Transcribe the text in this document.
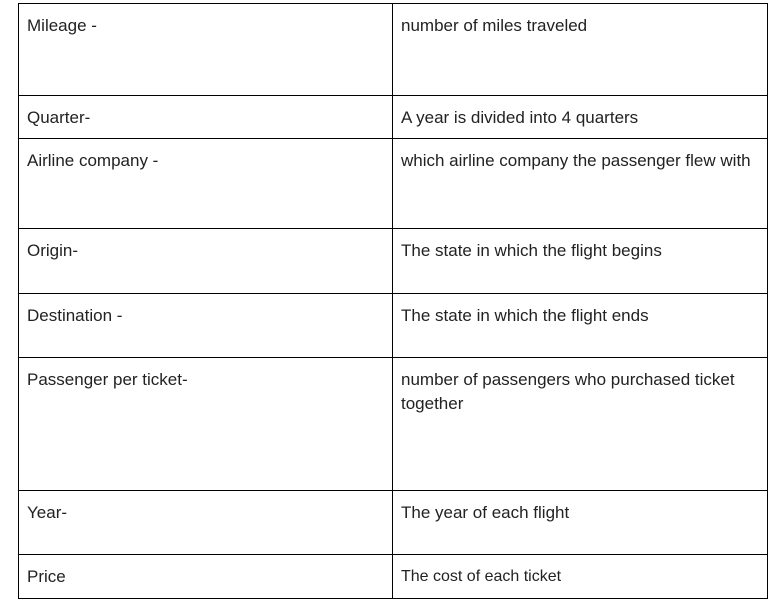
Mileage -	number of miles traveled
Quarter-	A year is divided into 4 quarters
Airline company -	which airline company the passenger flew with
Origin-	The state in which the flight begins
Destination -	The state in which the flight ends
Passenger per ticket-	number of passengers who purchased ticket together
Year-	The year of each flight
Price	The cost of each ticket
